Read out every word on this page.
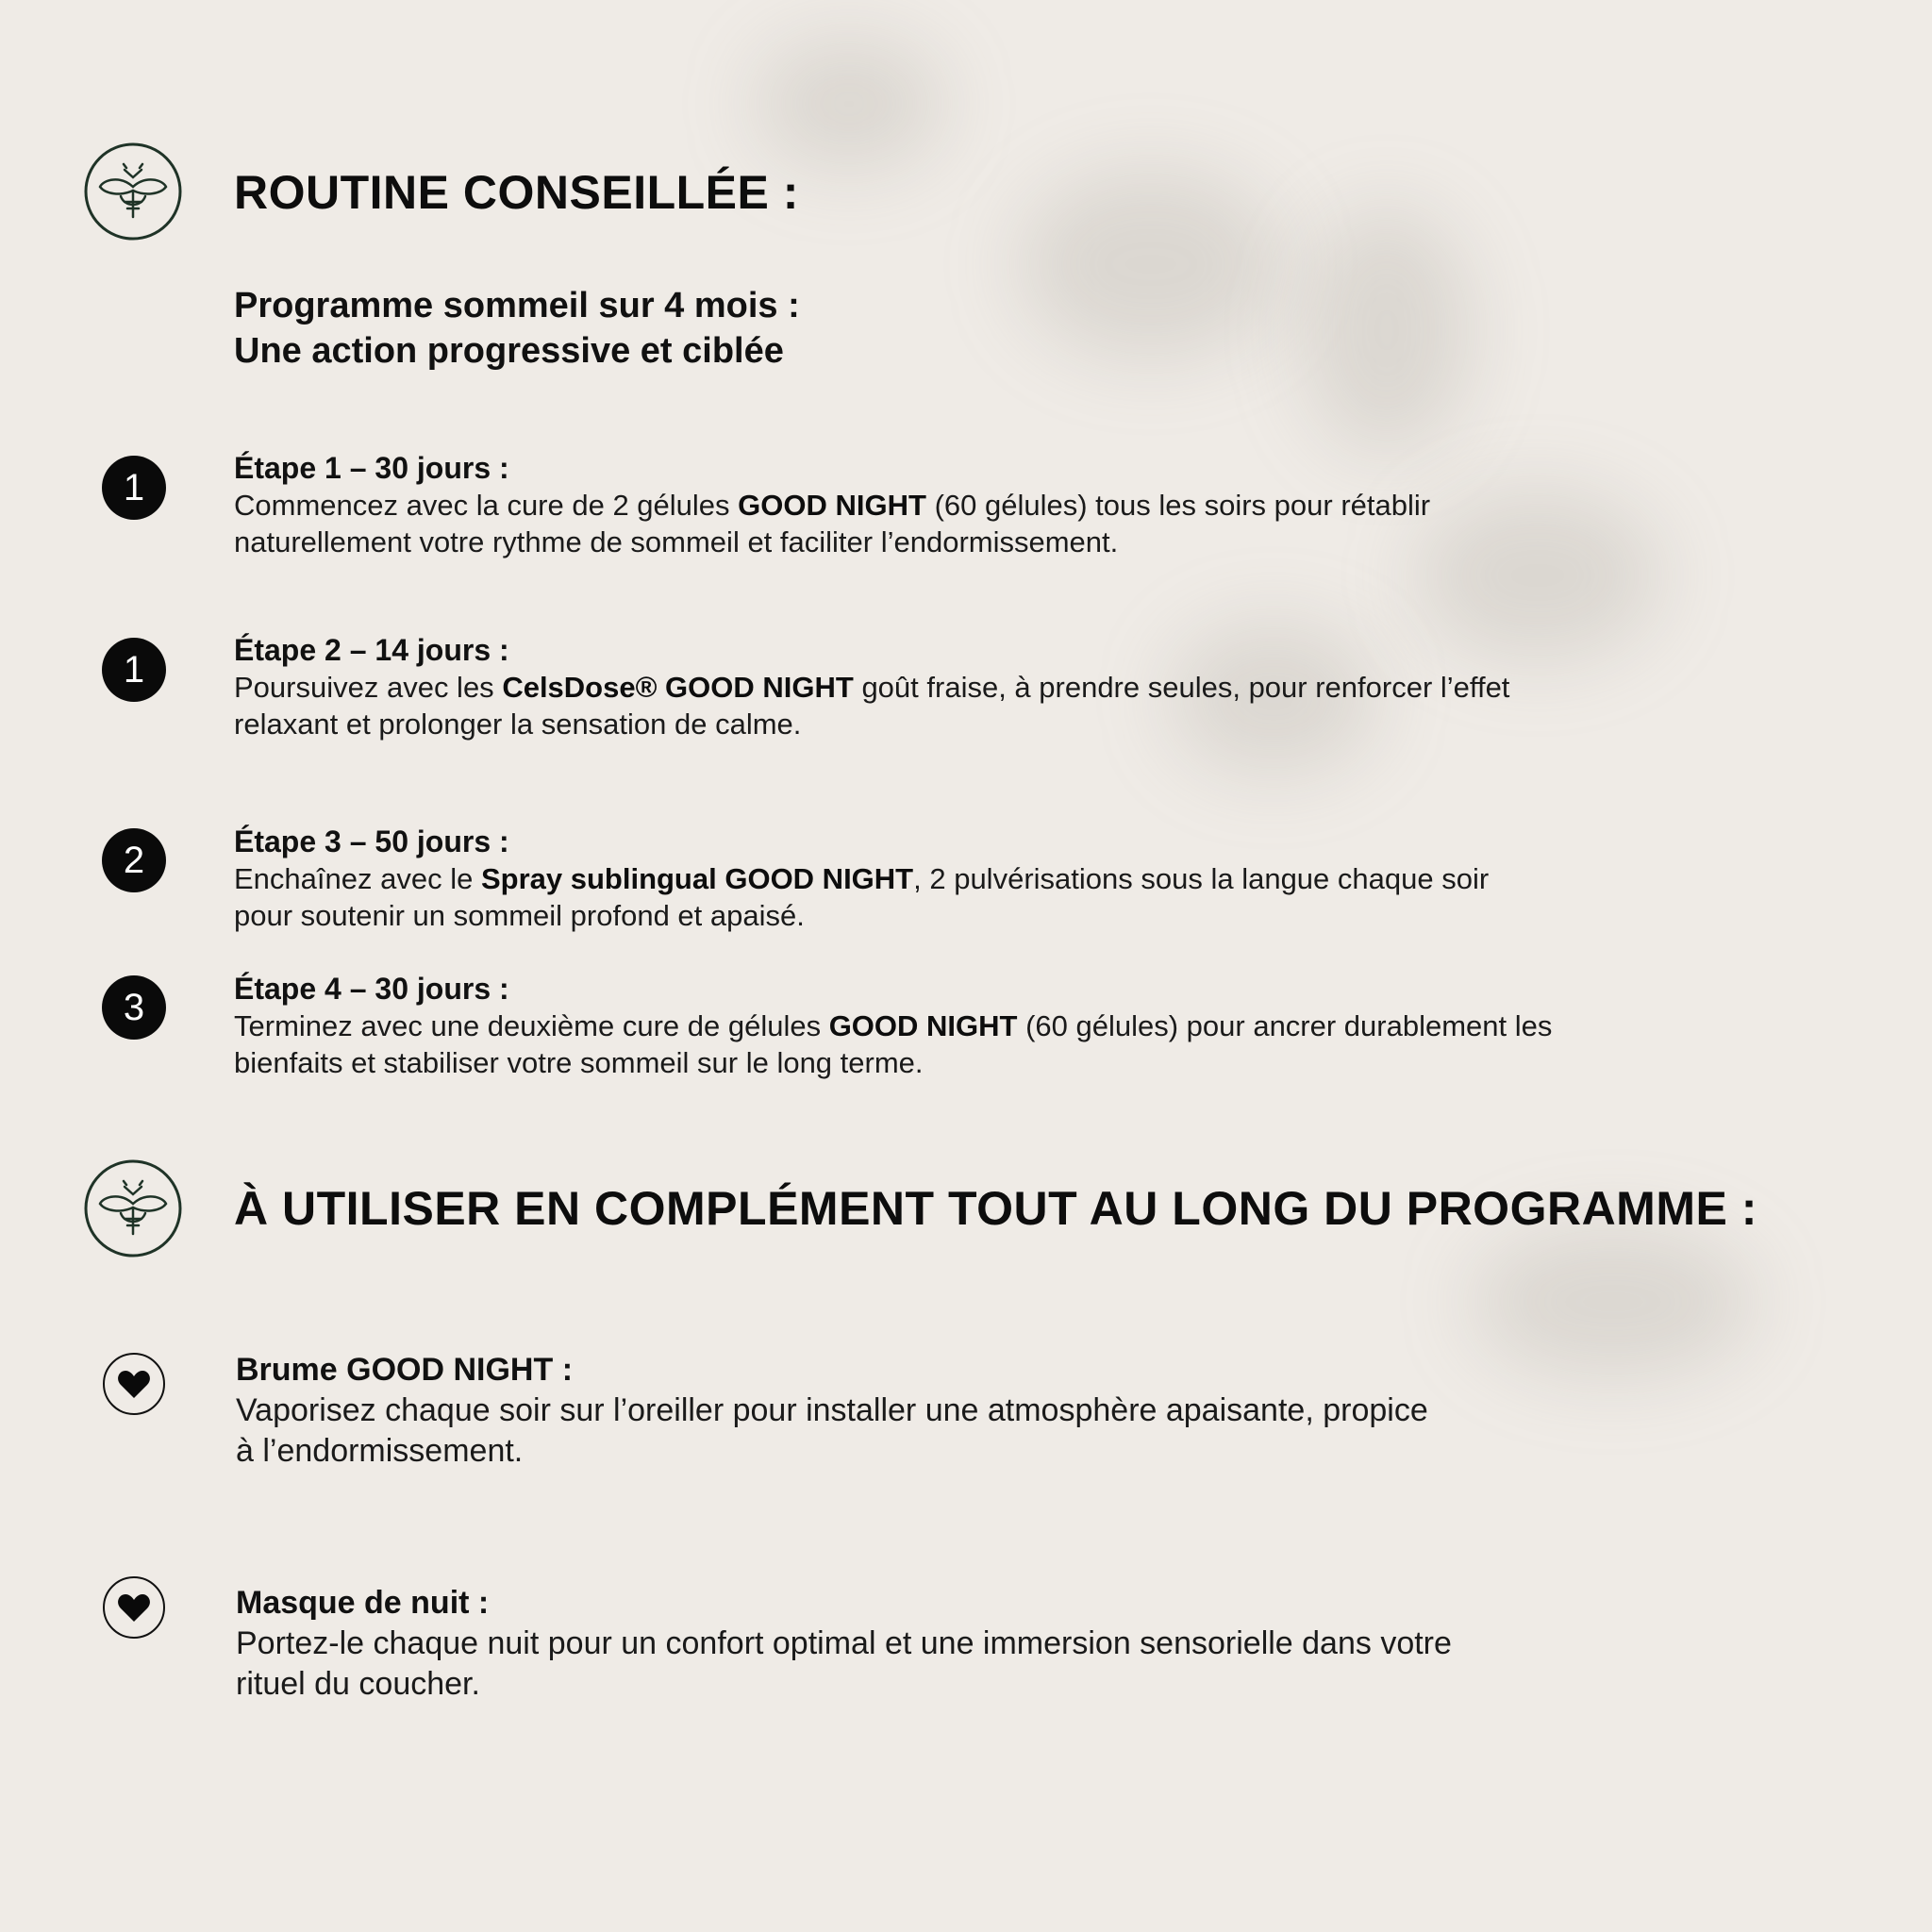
ROUTINE CONSEILLÉE :
Programme sommeil sur 4 mois :
Une action progressive et ciblée
1	Étape 1 – 30 jours :
Commencez avec la cure de 2 gélules GOOD NIGHT (60 gélules) tous les soirs pour rétablir
naturellement votre rythme de sommeil et faciliter l’endormissement.
1	Étape 2 – 14 jours :
Poursuivez avec les CelsDose® GOOD NIGHT goût fraise, à prendre seules, pour renforcer l’effet
relaxant et prolonger la sensation de calme.
2	Étape 3 – 50 jours :
Enchaînez avec le Spray sublingual GOOD NIGHT, 2 pulvérisations sous la langue chaque soir
pour soutenir un sommeil profond et apaisé.
3	Étape 4 – 30 jours :
Terminez avec une deuxième cure de gélules GOOD NIGHT (60 gélules) pour ancrer durablement les
bienfaits et stabiliser votre sommeil sur le long terme.
À UTILISER EN COMPLÉMENT TOUT AU LONG DU PROGRAMME :
Brume GOOD NIGHT :
Vaporisez chaque soir sur l’oreiller pour installer une atmosphère apaisante, propice
à l’endormissement.
Masque de nuit :
Portez-le chaque nuit pour un confort optimal et une immersion sensorielle dans votre
rituel du coucher.
